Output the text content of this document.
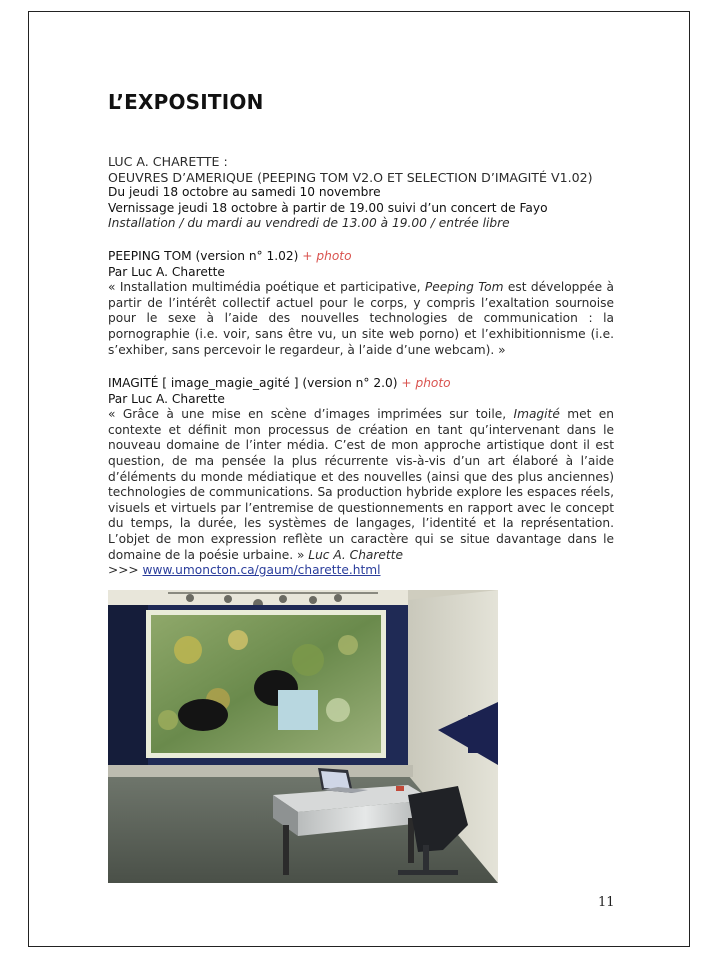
L’EXPOSITION

LUC A. CHARETTE :

OEUVRES D’AMERIQUE (PEEPING TOM V2.O ET SELECTION D’IMAGITÉ V1.02)

Du jeudi 18 octobre au samedi 10 novembre

Vernissage jeudi 18 octobre à partir de 19.00 suivi d’un concert de Fayo

Installation / du mardi au vendredi de 13.00 à 19.00 / entrée libre

PEEPING TOM (version n° 1.02) + photo

Par Luc A. Charette

« Installation multimédia poétique et participative, Peeping Tom est développée à partir de l’intérêt collectif actuel pour le corps, y compris l’exaltation sournoise pour le sexe à l’aide des nouvelles technologies de communication : la pornographie (i.e. voir, sans être vu, un site web porno) et l’exhibitionnisme (i.e. s’exhiber, sans percevoir le regardeur, à l’aide d’une webcam). »

IMAGITÉ [ image_magie_agité ] (version n° 2.0) + photo

Par Luc A. Charette

« Grâce à une mise en scène d’images imprimées sur toile, Imagité met en contexte et définit mon processus de création en tant qu’intervenant dans le nouveau domaine de l’inter média. C’est de mon approche artistique dont il est question, de ma pensée la plus récurrente vis-à-vis d’un art élaboré à l’aide d’éléments du monde médiatique et des nouvelles (ainsi que des plus anciennes) technologies de communications. Sa production hybride explore les espaces réels, visuels et virtuels par l’entremise de questionnements en rapport avec le concept du temps, la durée, les systèmes de langages, l’identité et la représentation. L’objet de mon expression reflète un caractère qui se situe davantage dans le domaine de la poésie urbaine. » Luc A. Charette

>>> www.umoncton.ca/gaum/charette.html

11
